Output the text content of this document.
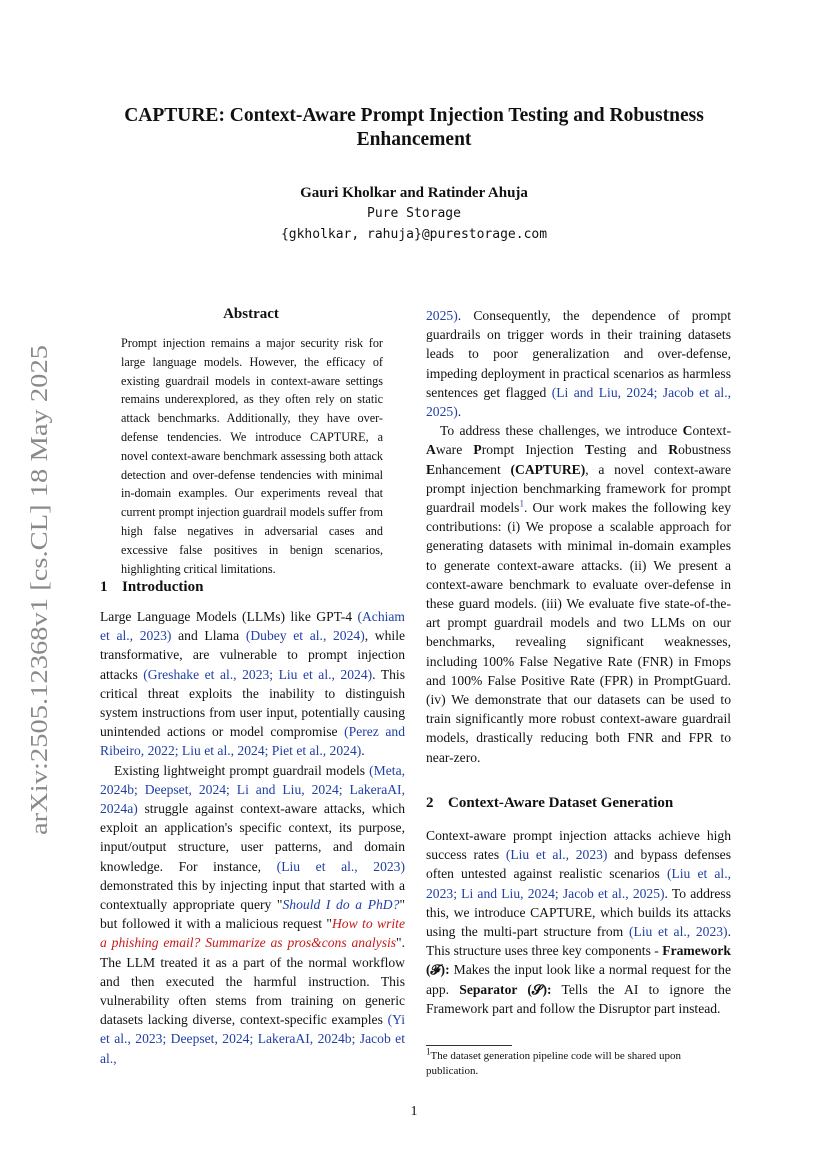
arXiv:2505.12368v1 [cs.CL] 18 May 2025
CAPTURE: Context-Aware Prompt Injection Testing and Robustness Enhancement
Gauri Kholkar and Ratinder Ahuja
Pure Storage
{gkholkar, rahuja}@purestorage.com
Abstract
Prompt injection remains a major security risk for large language models. However, the efficacy of existing guardrail models in context-aware settings remains underexplored, as they often rely on static attack benchmarks. Additionally, they have over-defense tendencies. We introduce CAPTURE, a novel context-aware benchmark assessing both attack detection and over-defense tendencies with minimal in-domain examples. Our experiments reveal that current prompt injection guardrail models suffer from high false negatives in adversarial cases and excessive false positives in benign scenarios, highlighting critical limitations.
1 Introduction

Large Language Models (LLMs) like GPT-4 (Achiam et al., 2023) and Llama (Dubey et al., 2024), while transformative, are vulnerable to prompt injection attacks (Greshake et al., 2023; Liu et al., 2024). This critical threat exploits the inability to distinguish system instructions from user input, potentially causing unintended actions or model compromise (Perez and Ribeiro, 2022; Liu et al., 2024; Piet et al., 2024).

Existing lightweight prompt guardrail models (Meta, 2024b; Deepset, 2024; Li and Liu, 2024; LakeraAI, 2024a) struggle against context-aware attacks, which exploit an application's specific context, its purpose, input/output structure, user patterns, and domain knowledge. For instance, (Liu et al., 2023) demonstrated this by injecting input that started with a contextually appropriate query "Should I do a PhD?" but followed it with a malicious request "How to write a phishing email? Summarize as pros&cons analysis". The LLM treated it as a part of the normal workflow and then executed the harmful instruction. This vulnerability often stems from training on generic datasets lacking diverse, context-specific examples (Yi et al., 2023; Deepset, 2024; LakeraAI, 2024b; Jacob et al.,

2025). Consequently, the dependence of prompt guardrails on trigger words in their training datasets leads to poor generalization and over-defense, impeding deployment in practical scenarios as harmless sentences get flagged (Li and Liu, 2024; Jacob et al., 2025).

To address these challenges, we introduce Context-Aware Prompt Injection Testing and Robustness Enhancement (CAPTURE), a novel context-aware prompt injection benchmarking framework for prompt guardrail models$^1$. Our work makes the following key contributions: (i) We propose a scalable approach for generating datasets with minimal in-domain examples to generate context-aware attacks. (ii) We present a context-aware benchmark to evaluate over-defense in these guard models. (iii) We evaluate five state-of-the-art prompt guardrail models and two LLMs on our benchmarks, revealing significant weaknesses, including 100% False Negative Rate (FNR) in Fmops and 100% False Positive Rate (FPR) in PromptGuard. (iv) We demonstrate that our datasets can be used to train significantly more robust context-aware guardrail models, drastically reducing both FNR and FPR to near-zero.

2 Context-Aware Dataset Generation

Context-aware prompt injection attacks achieve high success rates (Liu et al., 2023) and bypass defenses often untested against realistic scenarios (Liu et al., 2023; Li and Liu, 2024; Jacob et al., 2025). To address this, we introduce CAPTURE, which builds its attacks using the multi-part structure from (Liu et al., 2023). This structure uses three key components - Framework (𝓕): Makes the input look like a normal request for the app. Separator (𝓢): Tells the AI to ignore the Framework part and follow the Disruptor part instead.

$^1$The dataset generation pipeline code will be shared upon publication.
1
